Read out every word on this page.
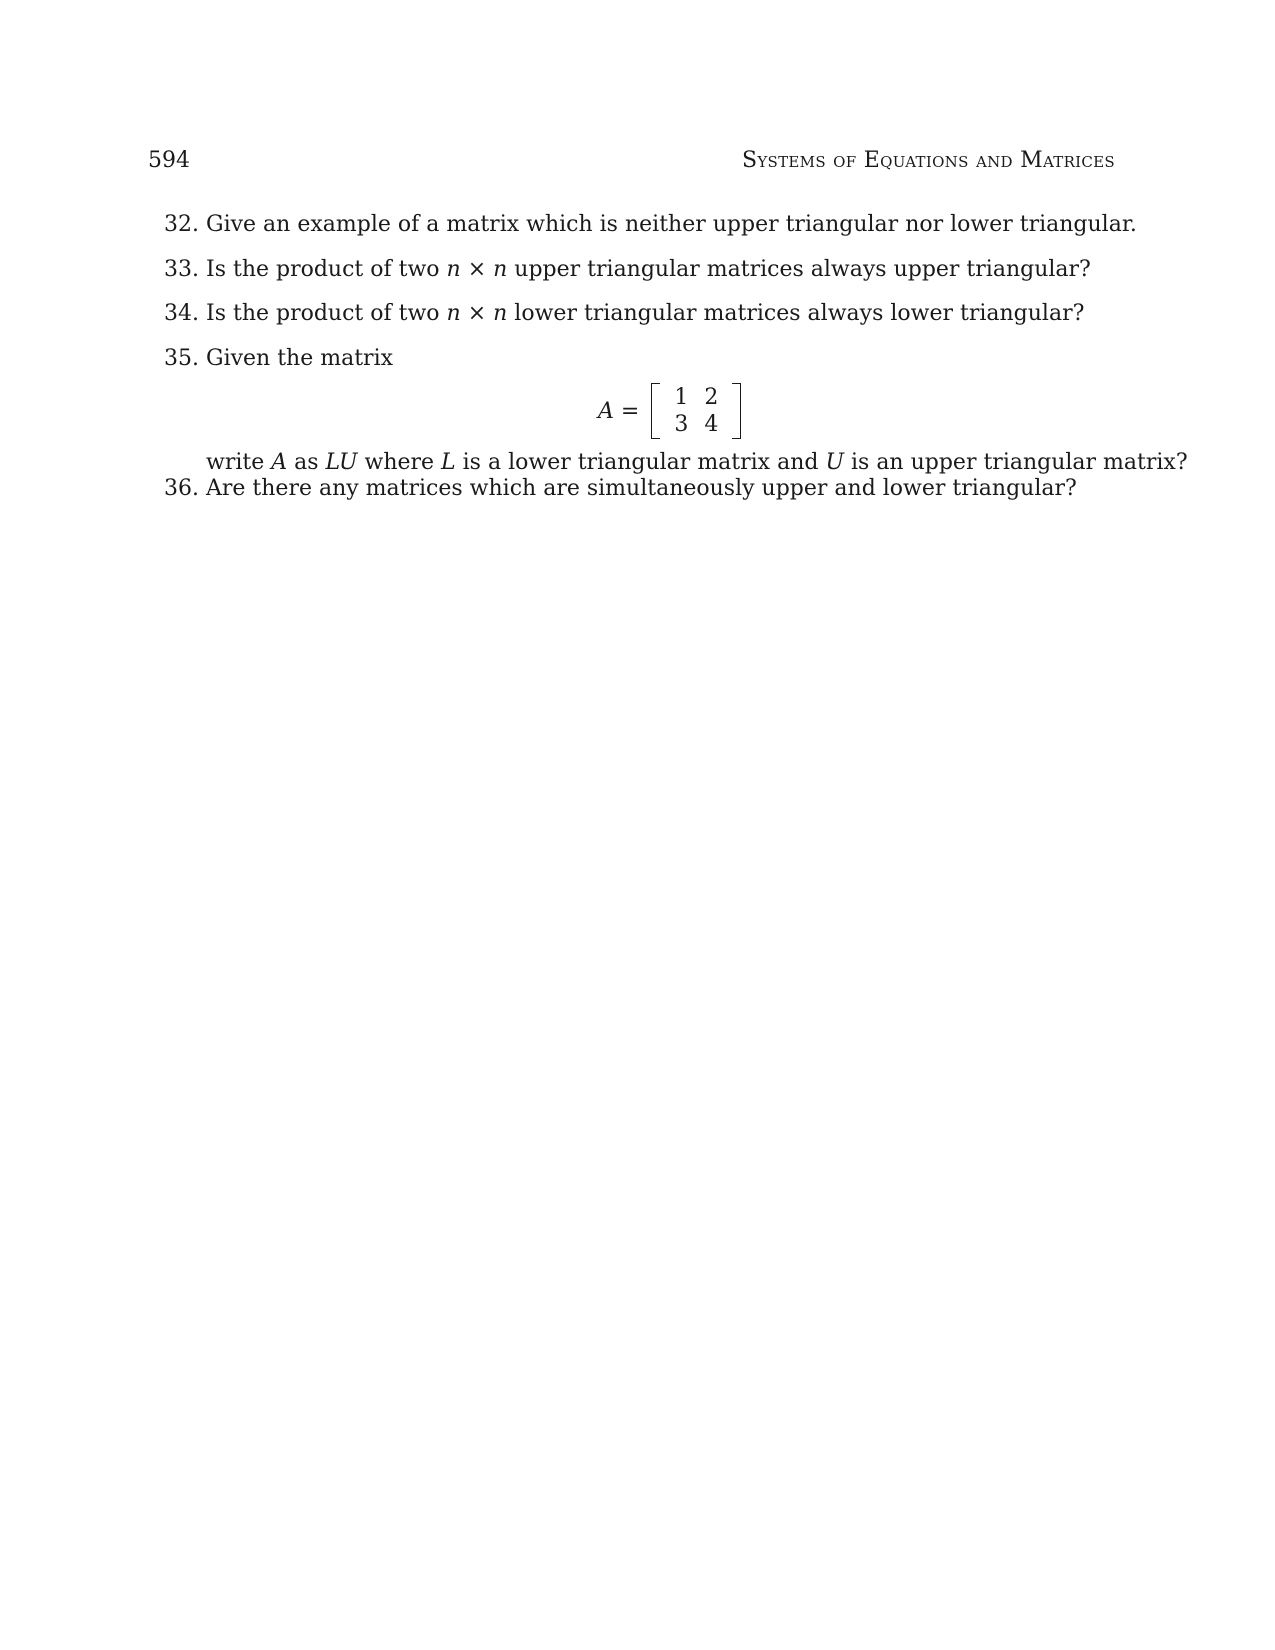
594	Systems of Equations and Matrices
32. Give an example of a matrix which is neither upper triangular nor lower triangular.
33. Is the product of two n × n upper triangular matrices always upper triangular?
34. Is the product of two n × n lower triangular matrices always lower triangular?
35. Given the matrix
A =
1 2
3 4
write A as LU where L is a lower triangular matrix and U is an upper triangular matrix?
36. Are there any matrices which are simultaneously upper and lower triangular?
